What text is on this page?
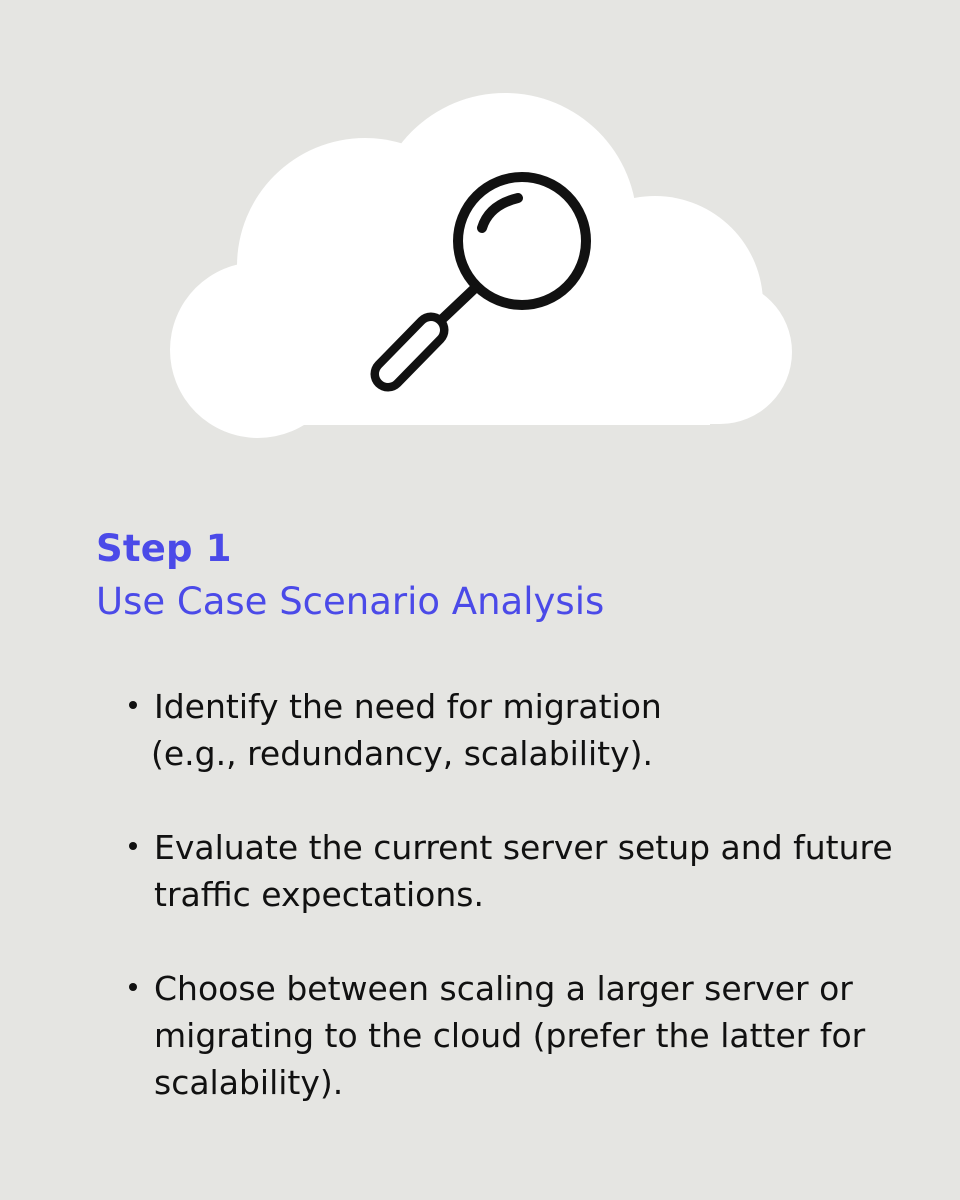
Step 1
Use Case Scenario Analysis
Identify the need for migration
(e.g., redundancy, scalability).
Evaluate the current server setup and future
traffic expectations.
Choose between scaling a larger server or
migrating to the cloud (prefer the latter for
scalability).
